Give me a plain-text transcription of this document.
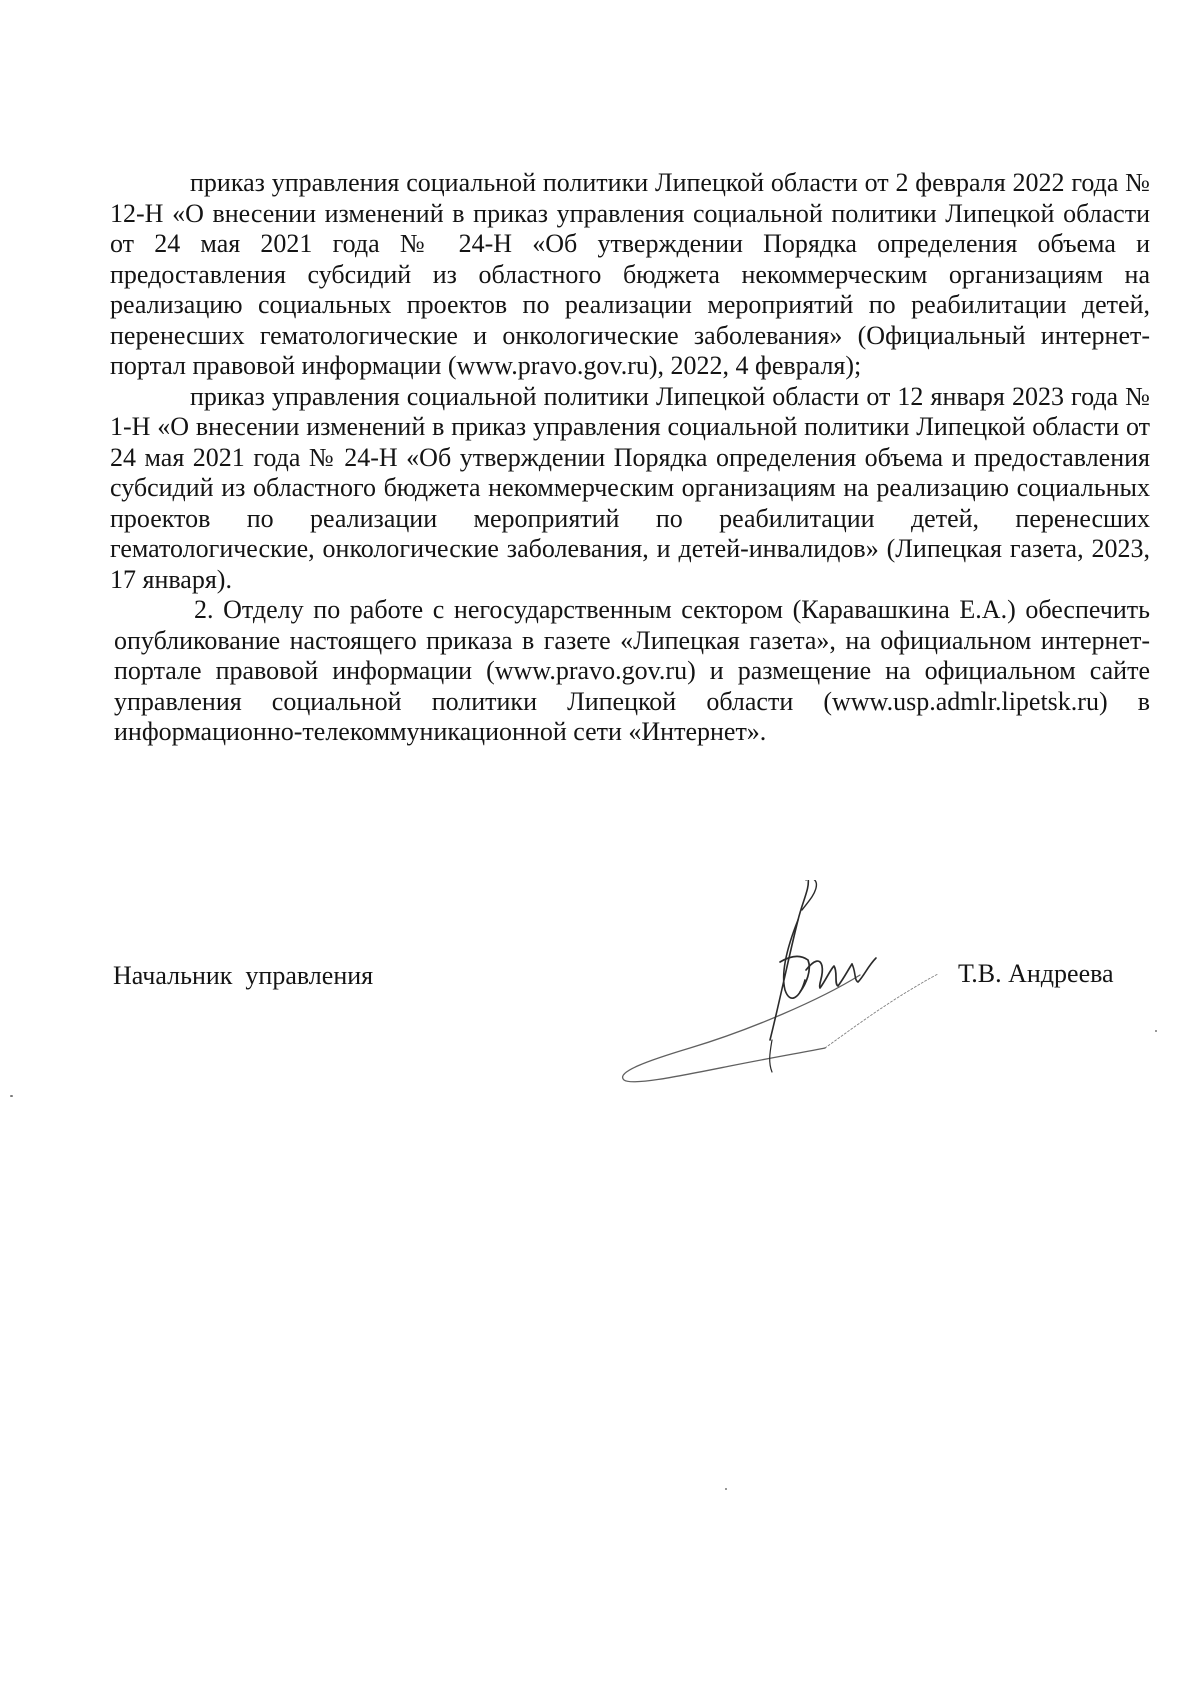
приказ управления социальной политики Липецкой области от 2 февраля 2022 года № 12-Н «О внесении изменений в приказ управления социальной политики Липецкой области от 24 мая 2021 года № 24-Н «Об утверждении Порядка определения объема и предоставления субсидий из областного бюджета некоммерческим организациям на реализацию социальных проектов по реализации мероприятий по реабилитации детей, перенесших гематологические и онкологические заболевания» (Официальный интернет-портал правовой информации (www.pravo.gov.ru), 2022, 4 февраля);

приказ управления социальной политики Липецкой области от 12 января 2023 года № 1-Н «О внесении изменений в приказ управления социальной политики Липецкой области от 24 мая 2021 года № 24-Н «Об утверждении Порядка определения объема и предоставления субсидий из областного бюджета некоммерческим организациям на реализацию социальных проектов по реализации мероприятий по реабилитации детей, перенесших гематологические, онкологические заболевания, и детей-инвалидов» (Липецкая газета, 2023, 17 января).

2. Отделу по работе с негосударственным сектором (Каравашкина Е.А.) обеспечить опубликование настоящего приказа в газете «Липецкая газета», на официальном интернет-портале правовой информации (www.pravo.gov.ru) и размещение на официальном сайте управления социальной политики Липецкой области (www.usp.admlr.lipetsk.ru) в информационно-телекоммуникационной сети «Интернет».

Начальник  управления	Т.В. Андреева
